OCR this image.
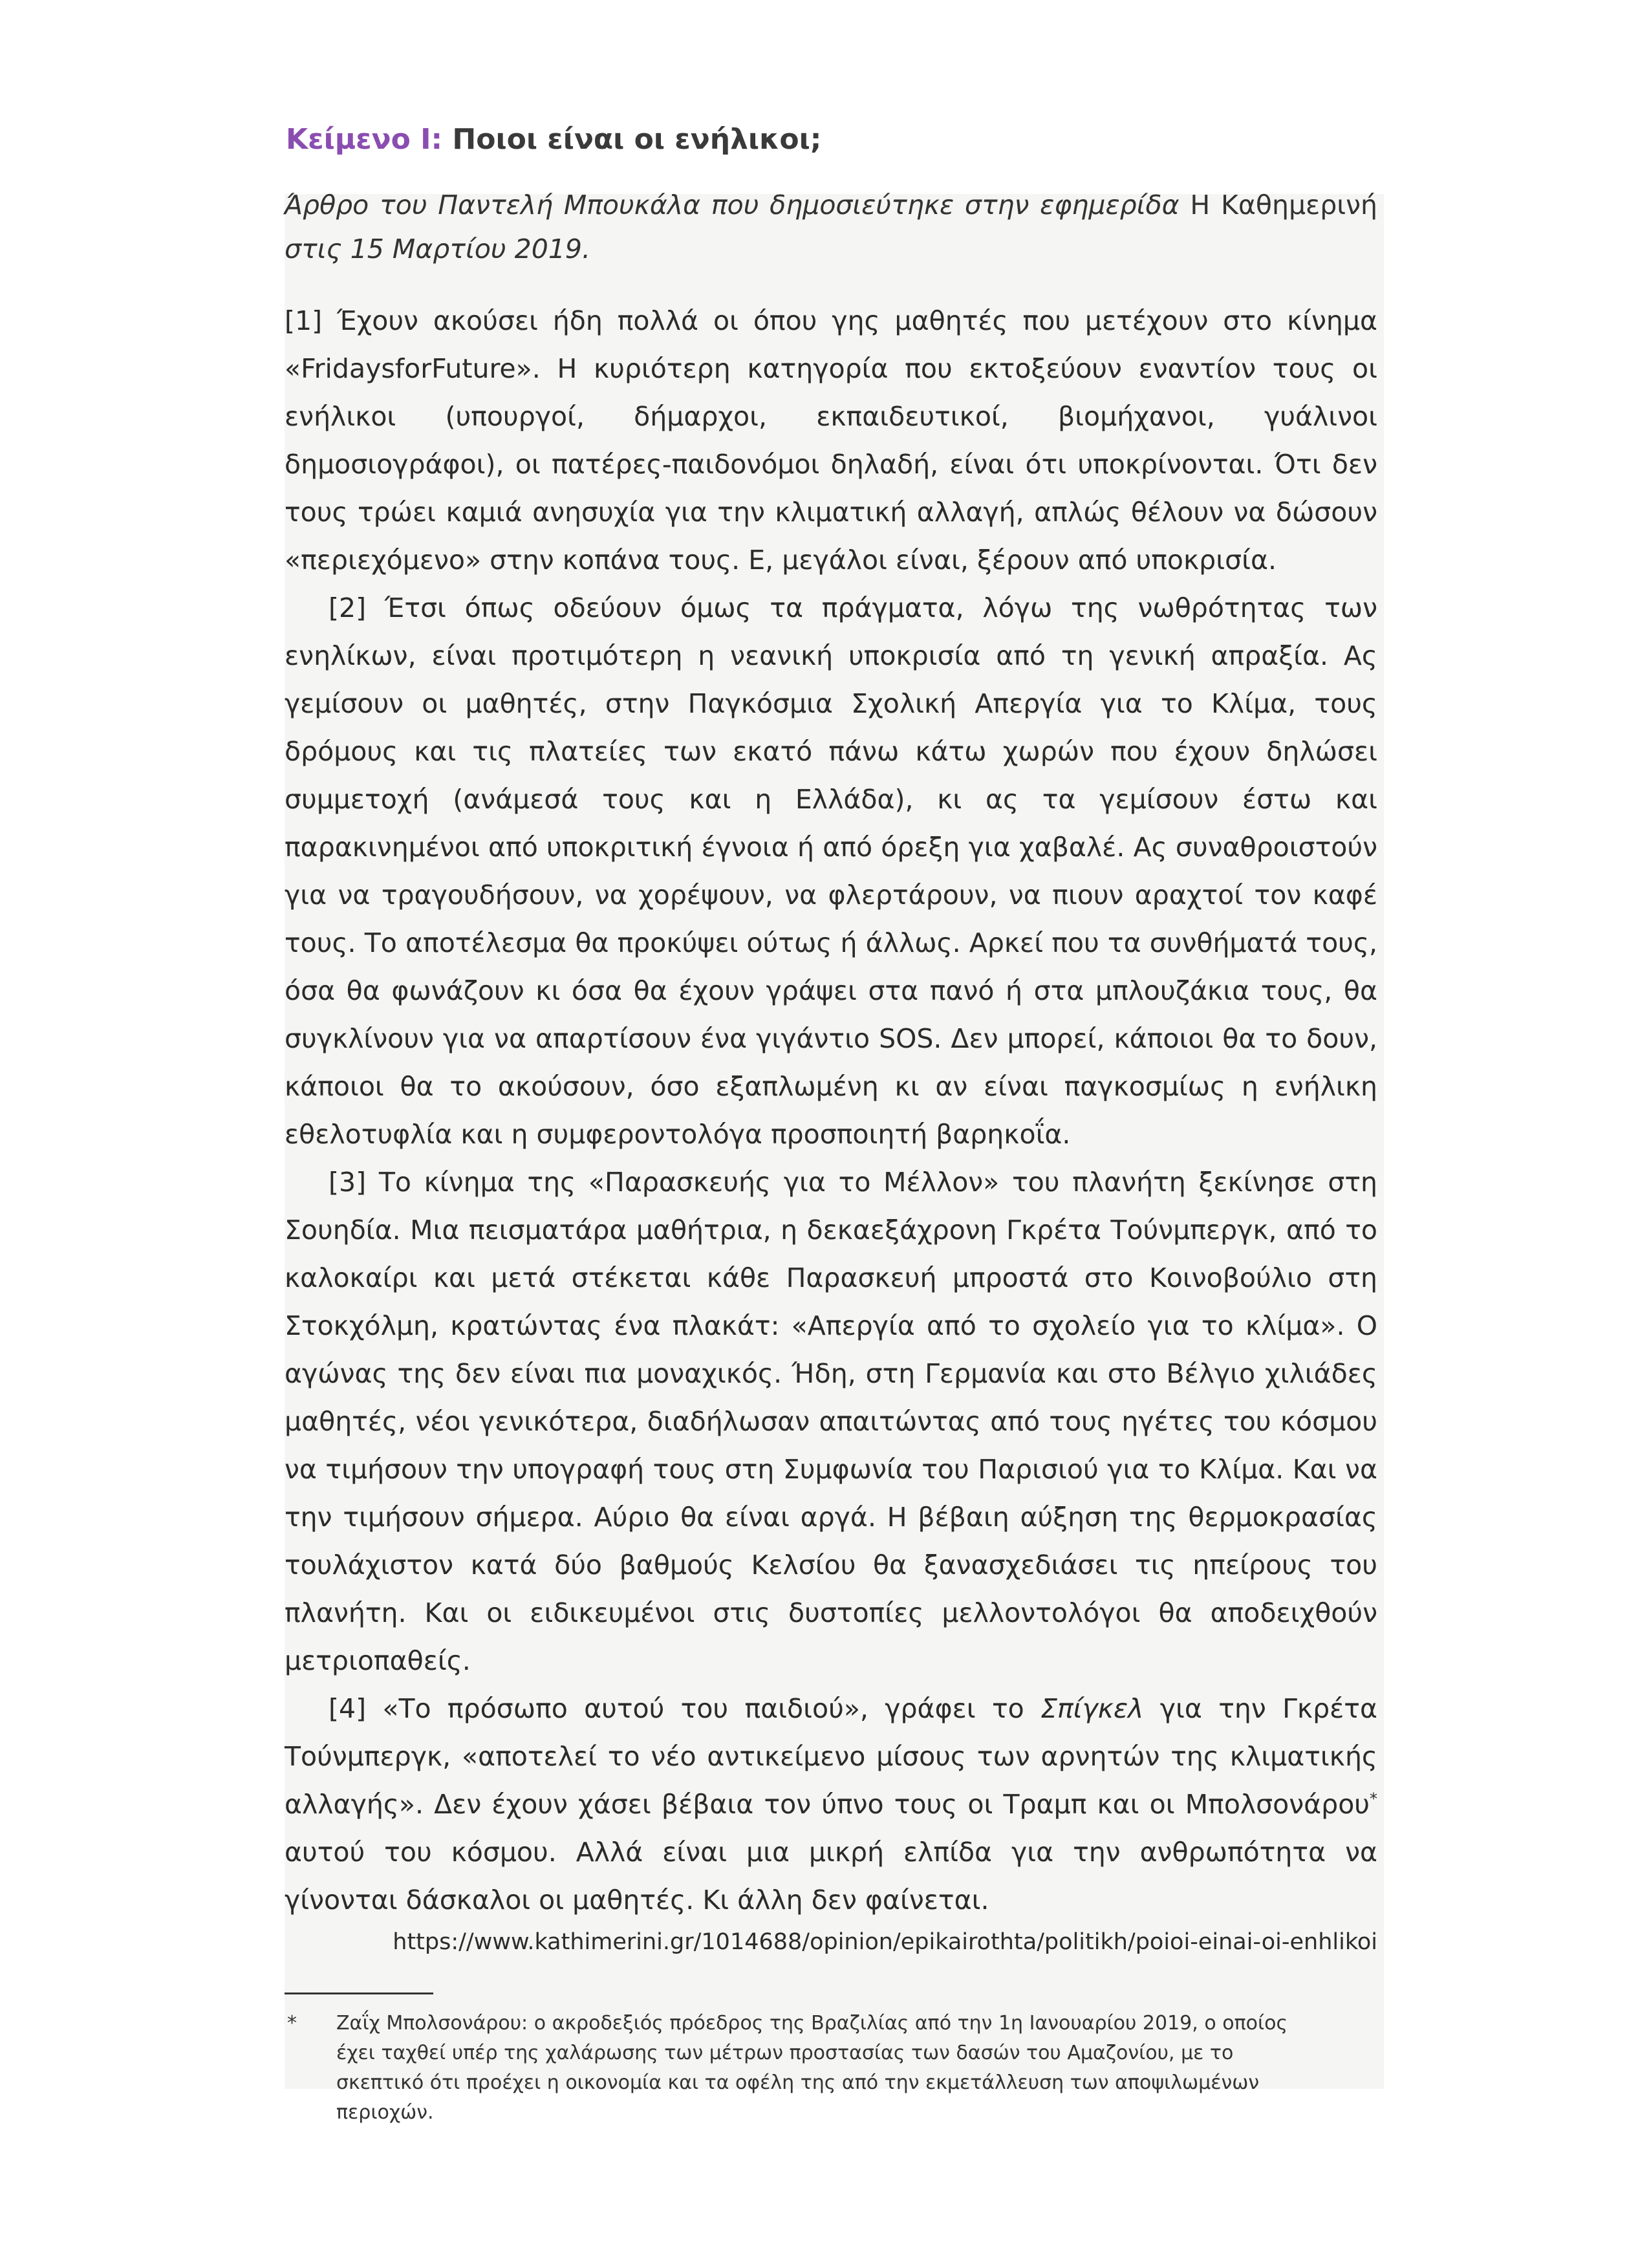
Κείμενο Ι: Ποιοι είναι οι ενήλικοι;

Άρθρο του Παντελή Μπουκάλα που δημοσιεύτηκε στην εφημερίδα Η Καθημερινή στις 15 Μαρτίου 2019.

[1] Έχουν ακούσει ήδη πολλά οι όπου γης μαθητές που μετέχουν στο κίνημα «FridaysforFuture». Η κυριότερη κατηγορία που εκτοξεύουν εναντίον τους οι ενήλικοι (υπουργοί, δήμαρχοι, εκπαιδευτικοί, βιομήχανοι, γυάλινοι δημοσιογράφοι), οι πατέρες-παιδονόμοι δηλαδή, είναι ότι υποκρίνονται. Ότι δεν τους τρώει καμιά ανησυχία για την κλιματική αλλαγή, απλώς θέλουν να δώσουν «περιεχόμενο» στην κοπάνα τους. Ε, μεγάλοι είναι, ξέρουν από υποκρισία.

[2] Έτσι όπως οδεύουν όμως τα πράγματα, λόγω της νωθρότητας των ενηλίκων, είναι προτιμότερη η νεανική υποκρισία από τη γενική απραξία. Ας γεμίσουν οι μαθητές, στην Παγκόσμια Σχολική Απεργία για το Κλίμα, τους δρόμους και τις πλατείες των εκατό πάνω κάτω χωρών που έχουν δηλώσει συμμετοχή (ανάμεσά τους και η Ελλάδα), κι ας τα γεμίσουν έστω και παρακινημένοι από υποκριτική έγνοια ή από όρεξη για χαβαλέ. Ας συναθροιστούν για να τραγουδήσουν, να χορέψουν, να φλερτάρουν, να πιουν αραχτοί τον καφέ τους. Το αποτέλεσμα θα προκύψει ούτως ή άλλως. Αρκεί που τα συνθήματά τους, όσα θα φωνάζουν κι όσα θα έχουν γράψει στα πανό ή στα μπλουζάκια τους, θα συγκλίνουν για να απαρτίσουν ένα γιγάντιο SOS. Δεν μπορεί, κάποιοι θα το δουν, κάποιοι θα το ακούσουν, όσο εξαπλωμένη κι αν είναι παγκοσμίως η ενήλικη εθελοτυφλία και η συμφεροντολόγα προσποιητή βαρηκοΐα.

[3] Το κίνημα της «Παρασκευής για το Μέλλον» του πλανήτη ξεκίνησε στη Σουηδία. Μια πεισματάρα μαθήτρια, η δεκαεξάχρονη Γκρέτα Τούνμπεργκ, από το καλοκαίρι και μετά στέκεται κάθε Παρασκευή μπροστά στο Κοινοβούλιο στη Στοκχόλμη, κρατώντας ένα πλακάτ: «Απεργία από το σχολείο για το κλίμα». Ο αγώνας της δεν είναι πια μοναχικός. Ήδη, στη Γερμανία και στο Βέλγιο χιλιάδες μαθητές, νέοι γενικότερα, διαδήλωσαν απαιτώντας από τους ηγέτες του κόσμου να τιμήσουν την υπογραφή τους στη Συμφωνία του Παρισιού για το Κλίμα. Και να την τιμήσουν σήμερα. Αύριο θα είναι αργά. Η βέβαιη αύξηση της θερμοκρασίας τουλάχιστον κατά δύο βαθμούς Κελσίου θα ξανασχεδιάσει τις ηπείρους του πλανήτη. Και οι ειδικευμένοι στις δυστοπίες μελλοντολόγοι θα αποδειχθούν μετριοπαθείς.

[4] «Το πρόσωπο αυτού του παιδιού», γράφει το Σπίγκελ για την Γκρέτα Τούνμπεργκ, «αποτελεί το νέο αντικείμενο μίσους των αρνητών της κλιματικής αλλαγής». Δεν έχουν χάσει βέβαια τον ύπνο τους οι Τραμπ και οι Μπολσονάρου* αυτού του κόσμου. Αλλά είναι μια μικρή ελπίδα για την ανθρωπότητα να γίνονται δάσκαλοι οι μαθητές. Κι άλλη δεν φαίνεται.

https://www.kathimerini.gr/1014688/opinion/epikairothta/politikh/poioi-einai-oi-enhlikoi
*	Ζαΐχ Μπολσονάρου: ο ακροδεξιός πρόεδρος της Βραζιλίας από την 1η Ιανουαρίου 2019, ο οποίος έχει ταχθεί υπέρ της χαλάρωσης των μέτρων προστασίας των δασών του Αμαζονίου, με το σκεπτικό ότι προέχει η οικονομία και τα οφέλη της από την εκμετάλλευση των αποψιλωμένων περιοχών.
